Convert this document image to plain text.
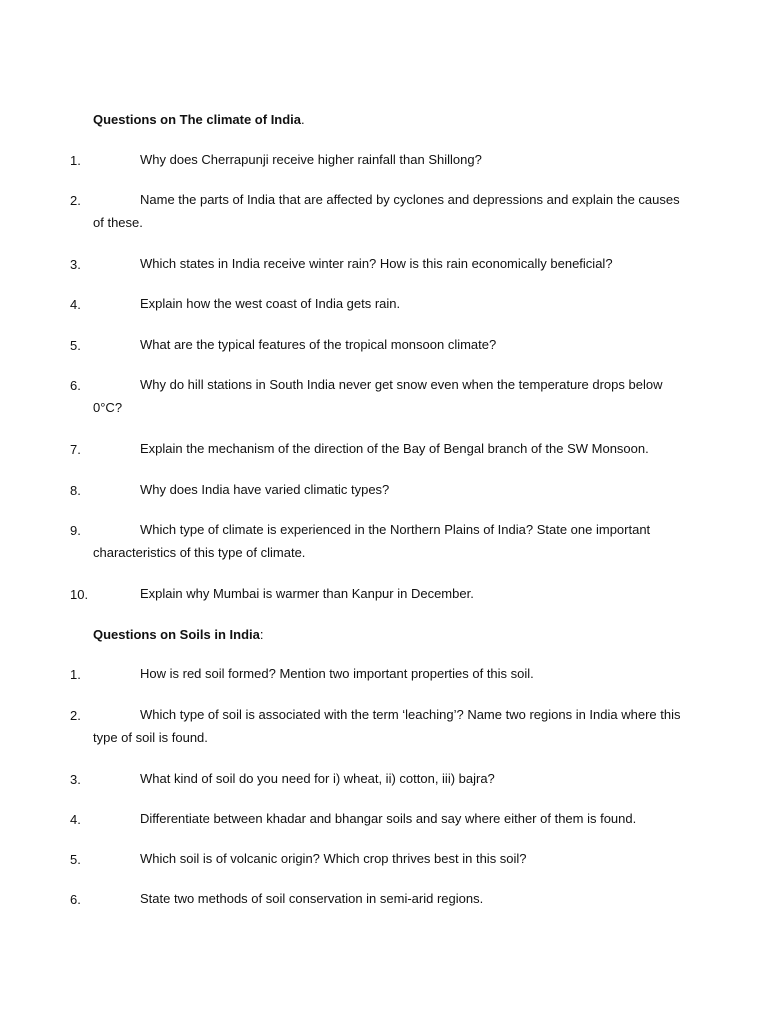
Questions on The climate of India.
1.	Why does Cherrapunji receive higher rainfall than Shillong?
2.	Name the parts of India that are affected by cyclones and depressions and explain the causes of these.
3.	Which states in India receive winter rain? How is this rain economically beneficial?
4.	Explain how the west coast of India gets rain.
5.	What are the typical features of the tropical monsoon climate?
6.	Why do hill stations in South India never get snow even when the temperature drops below 0°C?
7.	Explain the mechanism of the direction of the Bay of Bengal branch of the SW Monsoon.
8.	Why does India have varied climatic types?
9.	Which type of climate is experienced in the Northern Plains of India? State one important characteristics of this type of climate.
10.	Explain why Mumbai is warmer than Kanpur in December.
Questions on Soils in India:
1.	How is red soil formed? Mention two important properties of this soil.
2.	Which type of soil is associated with the term ‘leaching’? Name two regions in India where this type of soil is found.
3.	What kind of soil do you need for i) wheat, ii) cotton, iii) bajra?
4.	Differentiate between khadar and bhangar soils and say where either of them is found.
5.	Which soil is of volcanic origin? Which crop thrives best in this soil?
6.	State two methods of soil conservation in semi-arid regions.
